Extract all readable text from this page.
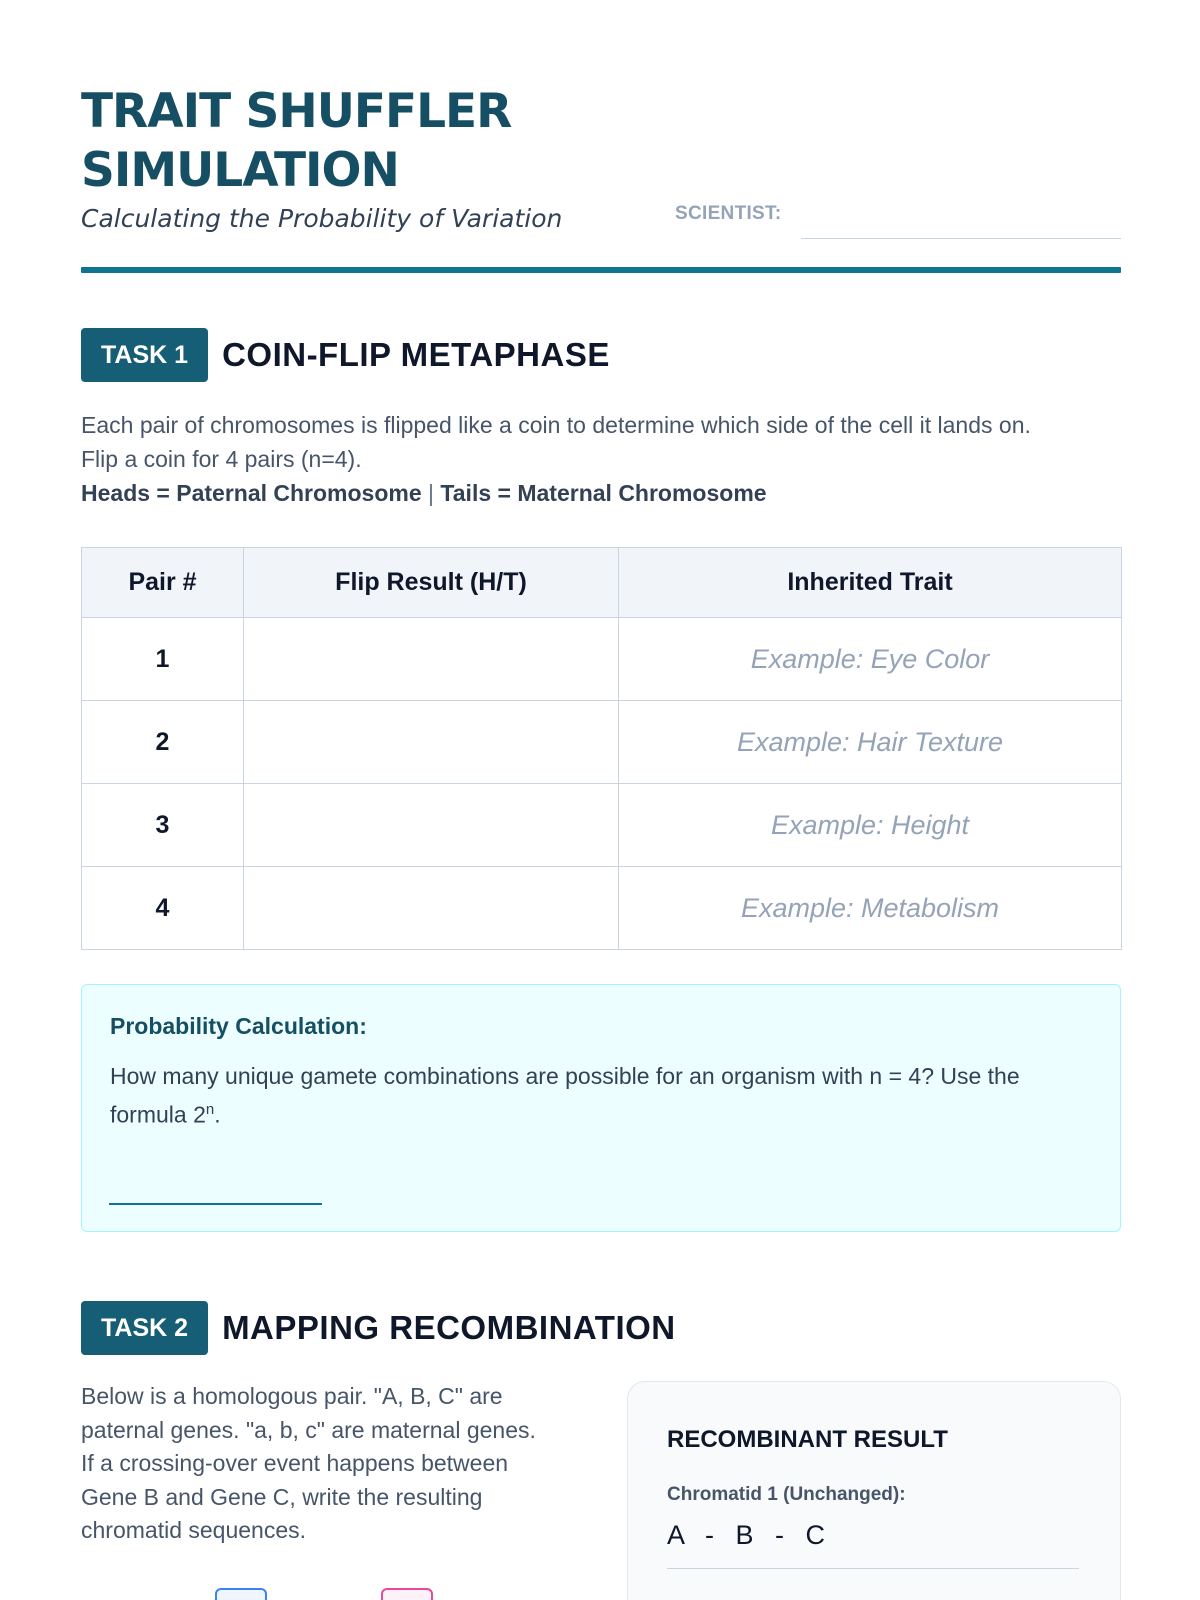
TRAIT SHUFFLER SIMULATION
Calculating the Probability of Variation	SCIENTIST:
TASK 1	COIN-FLIP METAPHASE
Each pair of chromosomes is flipped like a coin to determine which side of the cell it lands on.
Flip a coin for 4 pairs (n=4).
Heads = Paternal Chromosome | Tails = Maternal Chromosome
Pair #	Flip Result (H/T)	Inherited Trait
1		Example: Eye Color
2		Example: Hair Texture
3		Example: Height
4		Example: Metabolism
Probability Calculation:
How many unique gamete combinations are possible for an organism with n = 4? Use the formula 2$^n$.
TASK 2	MAPPING RECOMBINATION
Below is a homologous pair. "A, B, C" are paternal genes. "a, b, c" are maternal genes. If a crossing-over event happens between Gene B and Gene C, write the resulting chromatid sequences.
RECOMBINANT RESULT
Chromatid 1 (Unchanged):
A - B - C
